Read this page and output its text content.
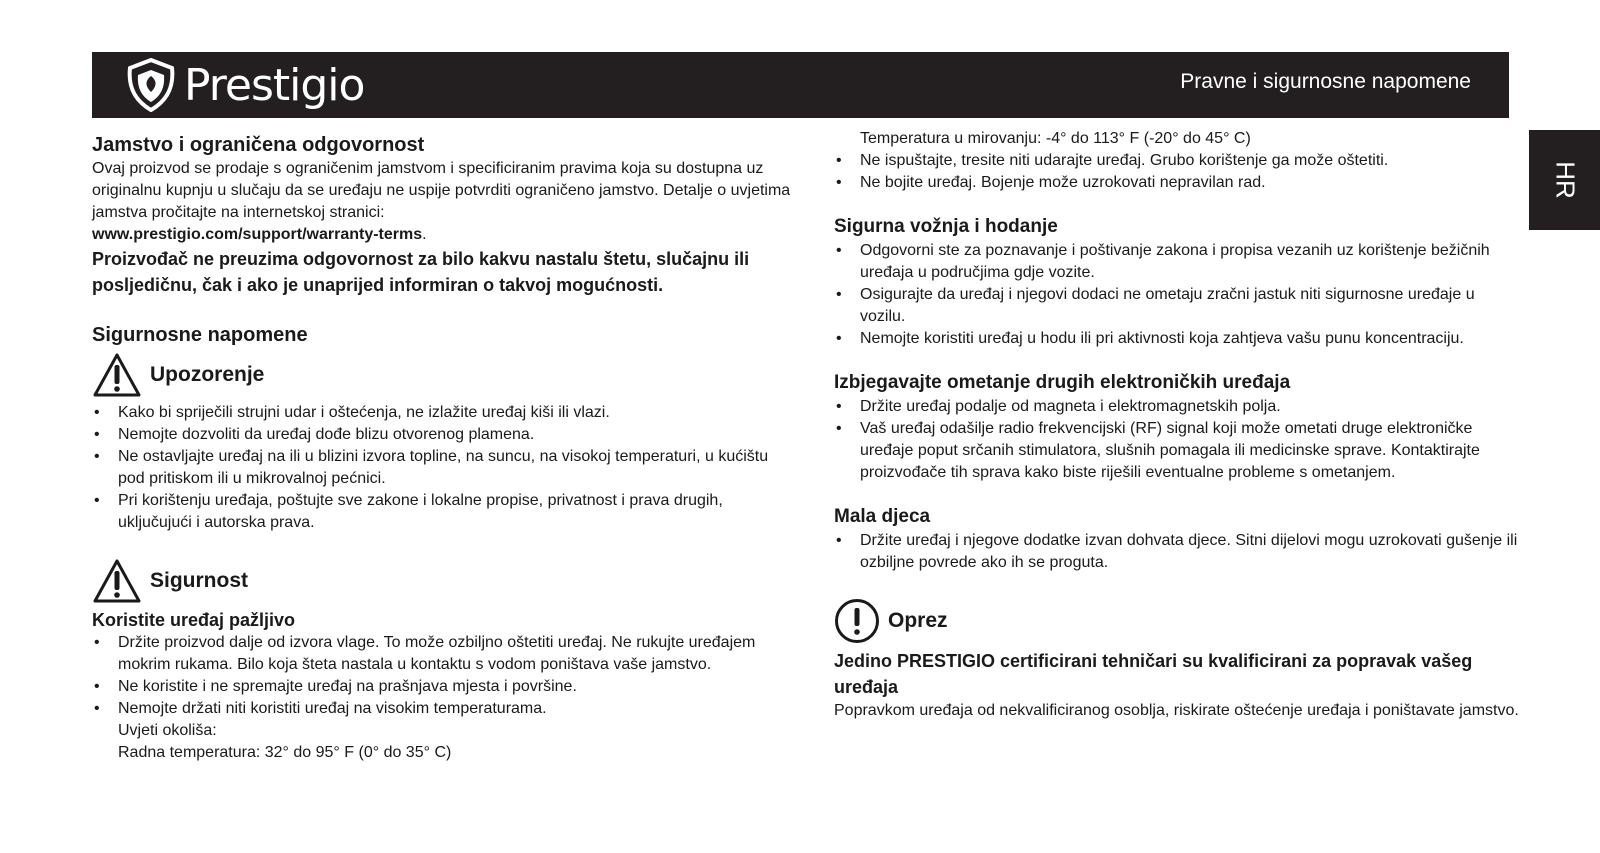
Prestigio	Pravne i sigurnosne napomene
HR
Jamstvo i ograničena odgovornost

Ovaj proizvod se prodaje s ograničenim jamstvom i specificiranim pravima koja su dostupna uz originalnu kupnju u slučaju da se uređaju ne uspije potvrditi ograničeno jamstvo. Detalje o uvjetima jamstva pročitajte na internetskoj stranici:
www.prestigio.com/support/warranty-terms.

Proizvođač ne preuzima odgovornost za bilo kakvu nastalu štetu, slučajnu ili posljedičnu, čak i ako je unaprijed informiran o takvoj mogućnosti.

Sigurnosne napomene
Upozorenje
• Kako bi spriječili strujni udar i oštećenja, ne izlažite uređaj kiši ili vlazi.
• Nemojte dozvoliti da uređaj dođe blizu otvorenog plamena.
• Ne ostavljajte uređaj na ili u blizini izvora topline, na suncu, na visokoj temperaturi, u kućištu pod pritiskom ili u mikrovalnoj pećnici.
• Pri korištenju uređaja, poštujte sve zakone i lokalne propise, privatnost i prava drugih, uključujući i autorska prava.
Sigurnost
Koristite uređaj pažljivo
• Držite proizvod dalje od izvora vlage. To može ozbiljno oštetiti uređaj. Ne rukujte uređajem mokrim rukama. Bilo koja šteta nastala u kontaktu s vodom poništava vaše jamstvo.
• Ne koristite i ne spremajte uređaj na prašnjava mjesta i površine.
• Nemojte držati niti koristiti uređaj na visokim temperaturama.
Uvjeti okoliša:
Radna temperatura: 32° do 95° F (0° do 35° C)

Temperatura u mirovanju: -4° do 113° F (-20° do 45° C)

• Ne ispuštajte, tresite niti udarajte uređaj. Grubo korištenje ga može oštetiti.
• Ne bojite uređaj. Bojenje može uzrokovati nepravilan rad.
Sigurna vožnja i hodanje
• Odgovorni ste za poznavanje i poštivanje zakona i propisa vezanih uz korištenje bežičnih uređaja u područjima gdje vozite.
• Osigurajte da uređaj i njegovi dodaci ne ometaju zračni jastuk niti sigurnosne uređaje u vozilu.
• Nemojte koristiti uređaj u hodu ili pri aktivnosti koja zahtjeva vašu punu koncentraciju.
Izbjegavajte ometanje drugih elektroničkih uređaja
• Držite uređaj podalje od magneta i elektromagnetskih polja.
• Vaš uređaj odašilje radio frekvencijski (RF) signal koji može ometati druge elektroničke uređaje poput srčanih stimulatora, slušnih pomagala ili medicinske sprave. Kontaktirajte proizvođače tih sprava kako biste riješili eventualne probleme s ometanjem.
Mala djeca
• Držite uređaj i njegove dodatke izvan dohvata djece. Sitni dijelovi mogu uzrokovati gušenje ili ozbiljne povrede ako ih se proguta.
Oprez

Jedino PRESTIGIO certificirani tehničari su kvalificirani za popravak vašeg uređaja

Popravkom uređaja od nekvalificiranog osoblja, riskirate oštećenje uređaja i poništavate jamstvo.
